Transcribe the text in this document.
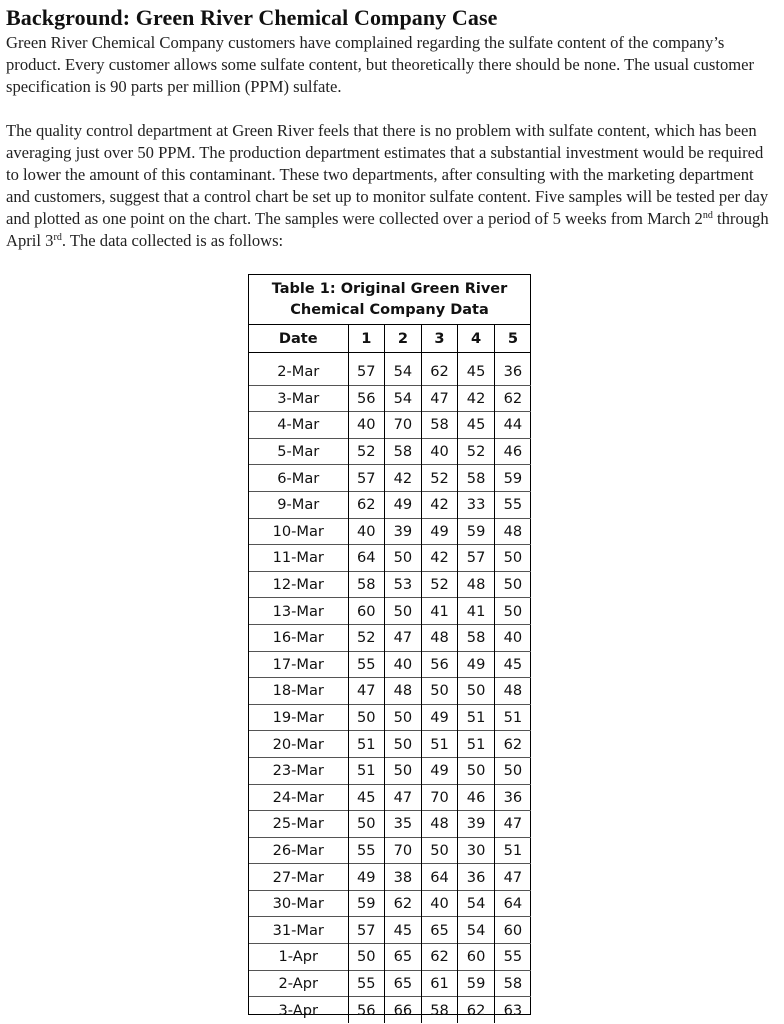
Background: Green River Chemical Company Case

Green River Chemical Company customers have complained regarding the sulfate content of the company’s product. Every customer allows some sulfate content, but theoretically there should be none. The usual customer specification is 90 parts per million (PPM) sulfate.

The quality control department at Green River feels that there is no problem with sulfate content, which has been averaging just over 50 PPM. The production department estimates that a substantial investment would be required to lower the amount of this contaminant. These two departments, after consulting with the marketing department and customers, suggest that a control chart be set up to monitor sulfate content. Five samples will be tested per day and plotted as one point on the chart. The samples were collected over a period of 5 weeks from March 2nd through April 3rd. The data collected is as follows:

Table 1: Original Green River
Chemical Company Data
Date	1	2	3	4	5

2-Mar	57	54	62	45	36
3-Mar	56	54	47	42	62
4-Mar	40	70	58	45	44
5-Mar	52	58	40	52	46
6-Mar	57	42	52	58	59
9-Mar	62	49	42	33	55
10-Mar	40	39	49	59	48
11-Mar	64	50	42	57	50
12-Mar	58	53	52	48	50
13-Mar	60	50	41	41	50
16-Mar	52	47	48	58	40
17-Mar	55	40	56	49	45
18-Mar	47	48	50	50	48
19-Mar	50	50	49	51	51
20-Mar	51	50	51	51	62
23-Mar	51	50	49	50	50
24-Mar	45	47	70	46	36
25-Mar	50	35	48	39	47
26-Mar	55	70	50	30	51
27-Mar	49	38	64	36	47
30-Mar	59	62	40	54	64
31-Mar	57	45	65	54	60
1-Apr	50	65	62	60	55
2-Apr	55	65	61	59	58
3-Apr	56	66	58	62	63
